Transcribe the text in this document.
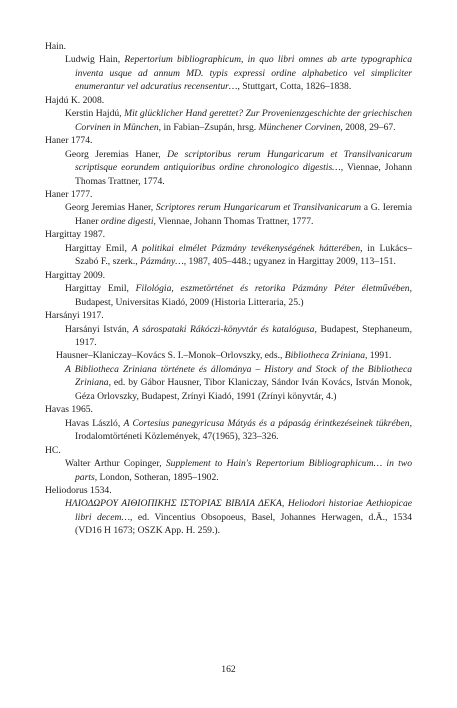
Hain.

Ludwig Hain, Repertorium bibliographicum, in quo libri omnes ab arte typographica inventa usque ad annum MD. typis expressi ordine alphabetico vel simpliciter enumerantur vel adcuratius recensentur…, Stuttgart, Cotta, 1826–1838.

Hajdú K. 2008.

Kerstin Hajdú, Mit glücklicher Hand gerettet? Zur Provenienzgeschichte der griechischen Corvinen in München, in Fabian–Zsupán, hrsg. Münchener Corvinen, 2008, 29–67.

Haner 1774.

Georg Jeremias Haner, De scriptoribus rerum Hungaricarum et Transilvanicarum scriptisque eorundem antiquioribus ordine chronologico digestis…, Viennae, Johann Thomas Trattner, 1774.

Haner 1777.

Georg Jeremias Haner, Scriptores rerum Hungaricarum et Transilvanicarum a G. Ieremia Haner ordine digesti, Viennae, Johann Thomas Trattner, 1777.

Hargittay 1987.

Hargittay Emil, A politikai elmélet Pázmány tevékenységének hátterében, in Lukács–Szabó F., szerk., Pázmány…, 1987, 405–448.; ugyanez in Hargittay 2009, 113–151.

Hargittay 2009.

Hargittay Emil, Filológia, eszmetörténet és retorika Pázmány Péter életművében, Budapest, Universitas Kiadó, 2009 (Historia Litteraria, 25.)

Harsányi 1917.

Harsányi István, A sárospataki Rákóczi-könyvtár és katalógusa, Budapest, Stephaneum, 1917.

Hausner–Klaniczay–Kovács S. I.–Monok–Orlovszky, eds., Bibliotheca Zriniana, 1991.

A Bibliotheca Zriniana története és állománya – History and Stock of the Bibliotheca Zriniana, ed. by Gábor Hausner, Tibor Klaniczay, Sándor Iván Kovács, István Monok, Géza Orlovszky, Budapest, Zrínyi Kiadó, 1991 (Zrínyi könyvtár, 4.)

Havas 1965.

Havas László, A Cortesius panegyricusa Mátyás és a pápaság érintkezéseinek tükrében, Irodalomtörténeti Közlemények, 47(1965), 323–326.

HC.

Walter Arthur Copinger, Supplement to Hain's Repertorium Bibliographicum… in two parts, London, Sotheran, 1895–1902.

Heliodorus 1534.

ΗΛΙΟΔΩΡΟΥ ΑΙΘΙΟΠΙΚΗΣ ΙΣΤΟΡΙΑΣ ΒΙΒΛΙΑ ΔΕΚΑ, Heliodori historiae Aethiopicae libri decem…, ed. Vincentius Obsopoeus, Basel, Johannes Herwagen, d.Ä., 1534 (VD16 H 1673; OSZK App. H. 259.).

162
